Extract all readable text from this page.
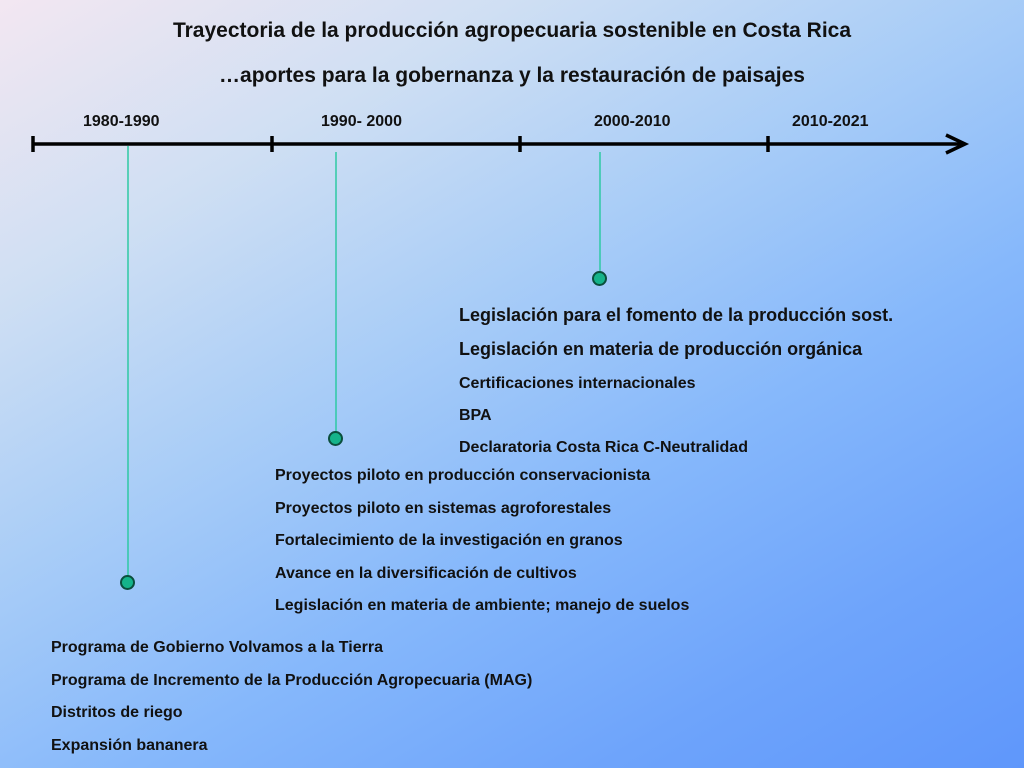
Trayectoria de la producción agropecuaria sostenible en Costa Rica
…aportes para la gobernanza y la restauración de paisajes
1980-1990	1990- 2000	2000-2010	2010-2021
Legislación para el fomento de la producción sost.
Legislación en materia de producción orgánica
Certificaciones internacionales
BPA
Declaratoria Costa Rica C-Neutralidad
Proyectos piloto en producción conservacionista
Proyectos piloto en sistemas agroforestales
Fortalecimiento de la investigación en granos
Avance en la diversificación de cultivos
Legislación en materia de ambiente; manejo de suelos
Programa de Gobierno Volvamos a la Tierra
Programa de Incremento de la Producción Agropecuaria (MAG)
Distritos de riego
Expansión bananera
